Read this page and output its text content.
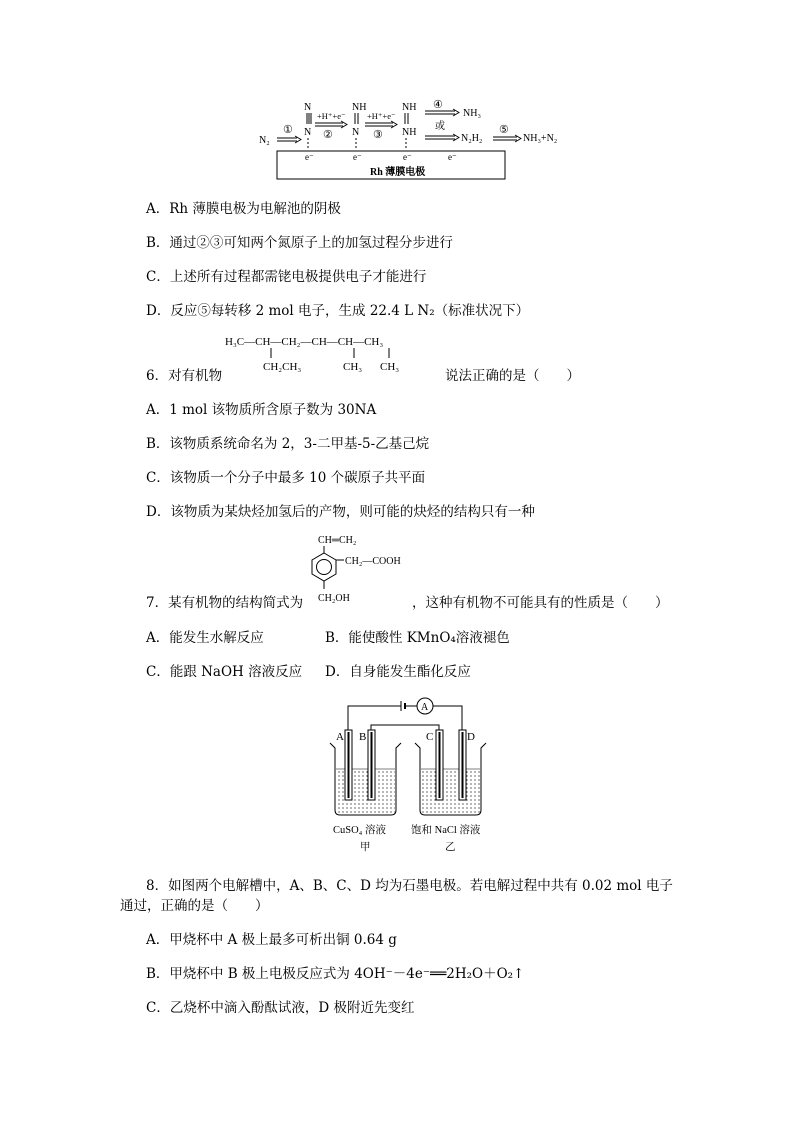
Rh 薄膜电极
e⁻	e⁻	e⁻	e⁻
N₂
①
N
N
+H⁺+e⁻
②
NH
N
+H⁺+e⁻
③
NH
NH
④
NH₃
或
N₂H₂
⑤
NH₃+N₂
A．Rh 薄膜电极为电解池的阴极
B．通过②③可知两个氮原子上的加氢过程分步进行
C．上述所有过程都需铑电极提供电子才能进行
D．反应⑤每转移 2 mol 电子，生成 22.4 L N₂（标准状况下）
H₃C—CH—CH₂—CH—CH—CH₃
CH₂CH₃	CH₃ CH₃
6．对有机物	说法正确的是（　　）
A．1 mol 该物质所含原子数为 30NA
B．该物质系统命名为 2，3-二甲基-5-乙基己烷
C．该物质一个分子中最多 10 个碳原子共平面
D．该物质为某炔烃加氢后的产物，则可能的炔烃的结构只有一种
CH═CH₂
CH₂—COOH
CH₂OH
7．某有机物的结构简式为	，这种有机物不可能具有的性质是（　　）
A．能发生水解反应	B．能使酸性 KMnO₄溶液褪色
C．能跟 NaOH 溶液反应 D．自身能发生酯化反应
A
A B	C	D
CuSO₄ 溶液
甲
饱和 NaCl 溶液
乙
8．如图两个电解槽中，A、B、C、D 均为石墨电极。若电解过程中共有 0.02 mol 电子
通过，正确的是（　　）
A．甲烧杯中 A 极上最多可析出铜 0.64 g
B．甲烧杯中 B 极上电极反应式为 4OH⁻－4e⁻══2H₂O＋O₂↑
C．乙烧杯中滴入酚酞试液，D 极附近先变红
